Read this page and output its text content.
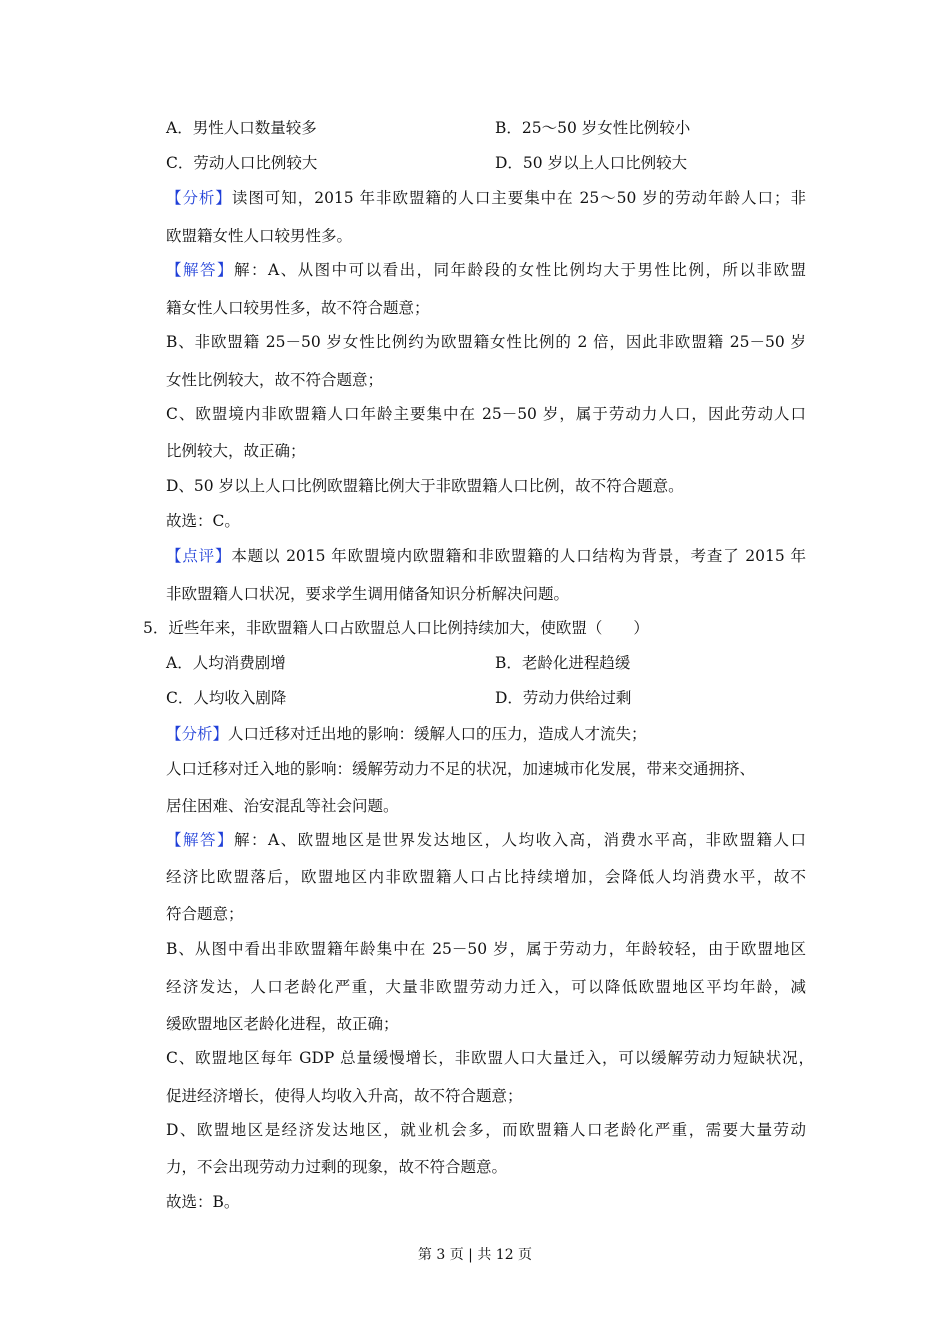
A．男性人口数量较多	B．25～50 岁女性比例较小
C．劳动人口比例较大	D．50 岁以上人口比例较大
【分析】读图可知，2015 年非欧盟籍的人口主要集中在 25～50 岁的劳动年龄人口；非
欧盟籍女性人口较男性多。
【解答】解：A、从图中可以看出，同年龄段的女性比例均大于男性比例，所以非欧盟
籍女性人口较男性多，故不符合题意；
B、非欧盟籍 25－50 岁女性比例约为欧盟籍女性比例的 2 倍，因此非欧盟籍 25－50 岁
女性比例较大，故不符合题意；
C、欧盟境内非欧盟籍人口年龄主要集中在 25－50 岁，属于劳动力人口，因此劳动人口
比例较大，故正确；
D、50 岁以上人口比例欧盟籍比例大于非欧盟籍人口比例，故不符合题意。
故选：C。
【点评】本题以 2015 年欧盟境内欧盟籍和非欧盟籍的人口结构为背景，考查了 2015 年
非欧盟籍人口状况，要求学生调用储备知识分析解决问题。
5．近些年来，非欧盟籍人口占欧盟总人口比例持续加大，使欧盟（　　）
A．人均消费剧增	B．老龄化进程趋缓
C．人均收入剧降	D．劳动力供给过剩
【分析】人口迁移对迁出地的影响：缓解人口的压力，造成人才流失；
人口迁移对迁入地的影响：缓解劳动力不足的状况，加速城市化发展，带来交通拥挤、
居住困难、治安混乱等社会问题。
【解答】解：A、欧盟地区是世界发达地区，人均收入高，消费水平高，非欧盟籍人口
经济比欧盟落后，欧盟地区内非欧盟籍人口占比持续增加，会降低人均消费水平，故不
符合题意；
B、从图中看出非欧盟籍年龄集中在 25－50 岁，属于劳动力，年龄较轻，由于欧盟地区
经济发达，人口老龄化严重，大量非欧盟劳动力迁入，可以降低欧盟地区平均年龄，减
缓欧盟地区老龄化进程，故正确；
C、欧盟地区每年 GDP 总量缓慢增长，非欧盟人口大量迁入，可以缓解劳动力短缺状况，
促进经济增长，使得人均收入升高，故不符合题意；
D、欧盟地区是经济发达地区，就业机会多，而欧盟籍人口老龄化严重，需要大量劳动
力，不会出现劳动力过剩的现象，故不符合题意。
故选：B。
第 3 页 | 共 12 页
